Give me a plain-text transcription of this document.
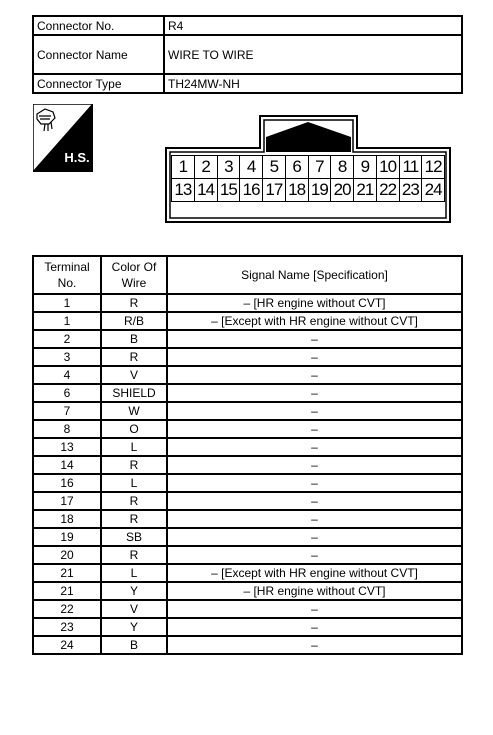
Connector No.	R4
Connector Name	WIRE TO WIRE
Connector Type	TH24MW-NH
H.S.	1	2	3	4	5	6	7	8	9	10	11	12
13	14	15	16	17	18	19	20	21	22	23	24
Terminal No.	Color Of Wire	Signal Name [Specification]
1	R	– [HR engine without CVT]
1	R/B	– [Except with HR engine without CVT]
2	B	–
3	R	–
4	V	–
6	SHIELD	–
7	W	–
8	O	–
13	L	–
14	R	–
16	L	–
17	R	–
18	R	–
19	SB	–
20	R	–
21	L	– [Except with HR engine without CVT]
21	Y	– [HR engine without CVT]
22	V	–
23	Y	–
24	B	–
